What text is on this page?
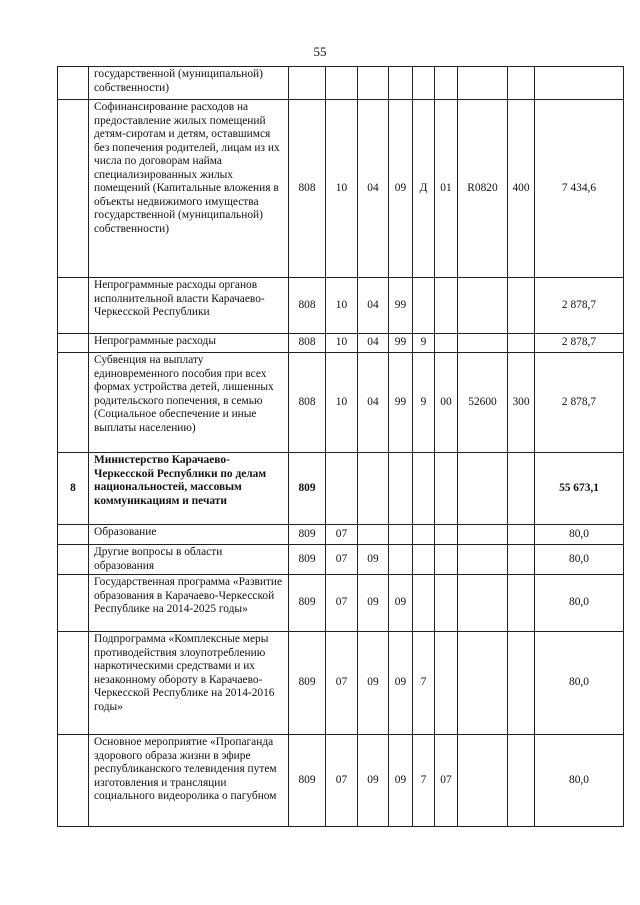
55
	государственной (муниципальной) собственности)									
	Софинансирование расходов на предоставление жилых помещений детям-сиротам и детям, оставшимся без попечения родителей, лицам из их числа по договорам найма специализированных жилых помещений (Капитальные вложения в объекты недвижимого имущества государственной (муниципальной) собственности)	808	10	04	09	Д	01	R0820	400	7 434,6
	Непрограммные расходы органов исполнительной власти Карачаево-Черкесской Республики	808	10	04	99					2 878,7
	Непрограммные расходы	808	10	04	99	9				2 878,7
	Субвенция на выплату единовременного пособия при всех формах устройства детей, лишенных родительского попечения, в семью (Социальное обеспечение и иные выплаты населению)	808	10	04	99	9	00	52600	300	2 878,7
8	Министерство Карачаево-Черкесской Республики по делам национальностей, массовым коммуникациям и печати	809								55 673,1
	Образование	809	07							80,0
	Другие вопросы в области образования	809	07	09						80,0
	Государственная программа «Развитие образования в Карачаево-Черкесской Республике на 2014-2025 годы»	809	07	09	09					80,0
	Подпрограмма «Комплексные меры противодействия злоупотреблению наркотическими средствами и их незаконному обороту в Карачаево-Черкесской Республике на 2014-2016 годы»	809	07	09	09	7				80,0
	Основное мероприятие «Пропаганда здорового образа жизни в эфире республиканского телевидения путем изготовления и трансляции социального видеоролика о пагубном	809	07	09	09	7	07			80,0
